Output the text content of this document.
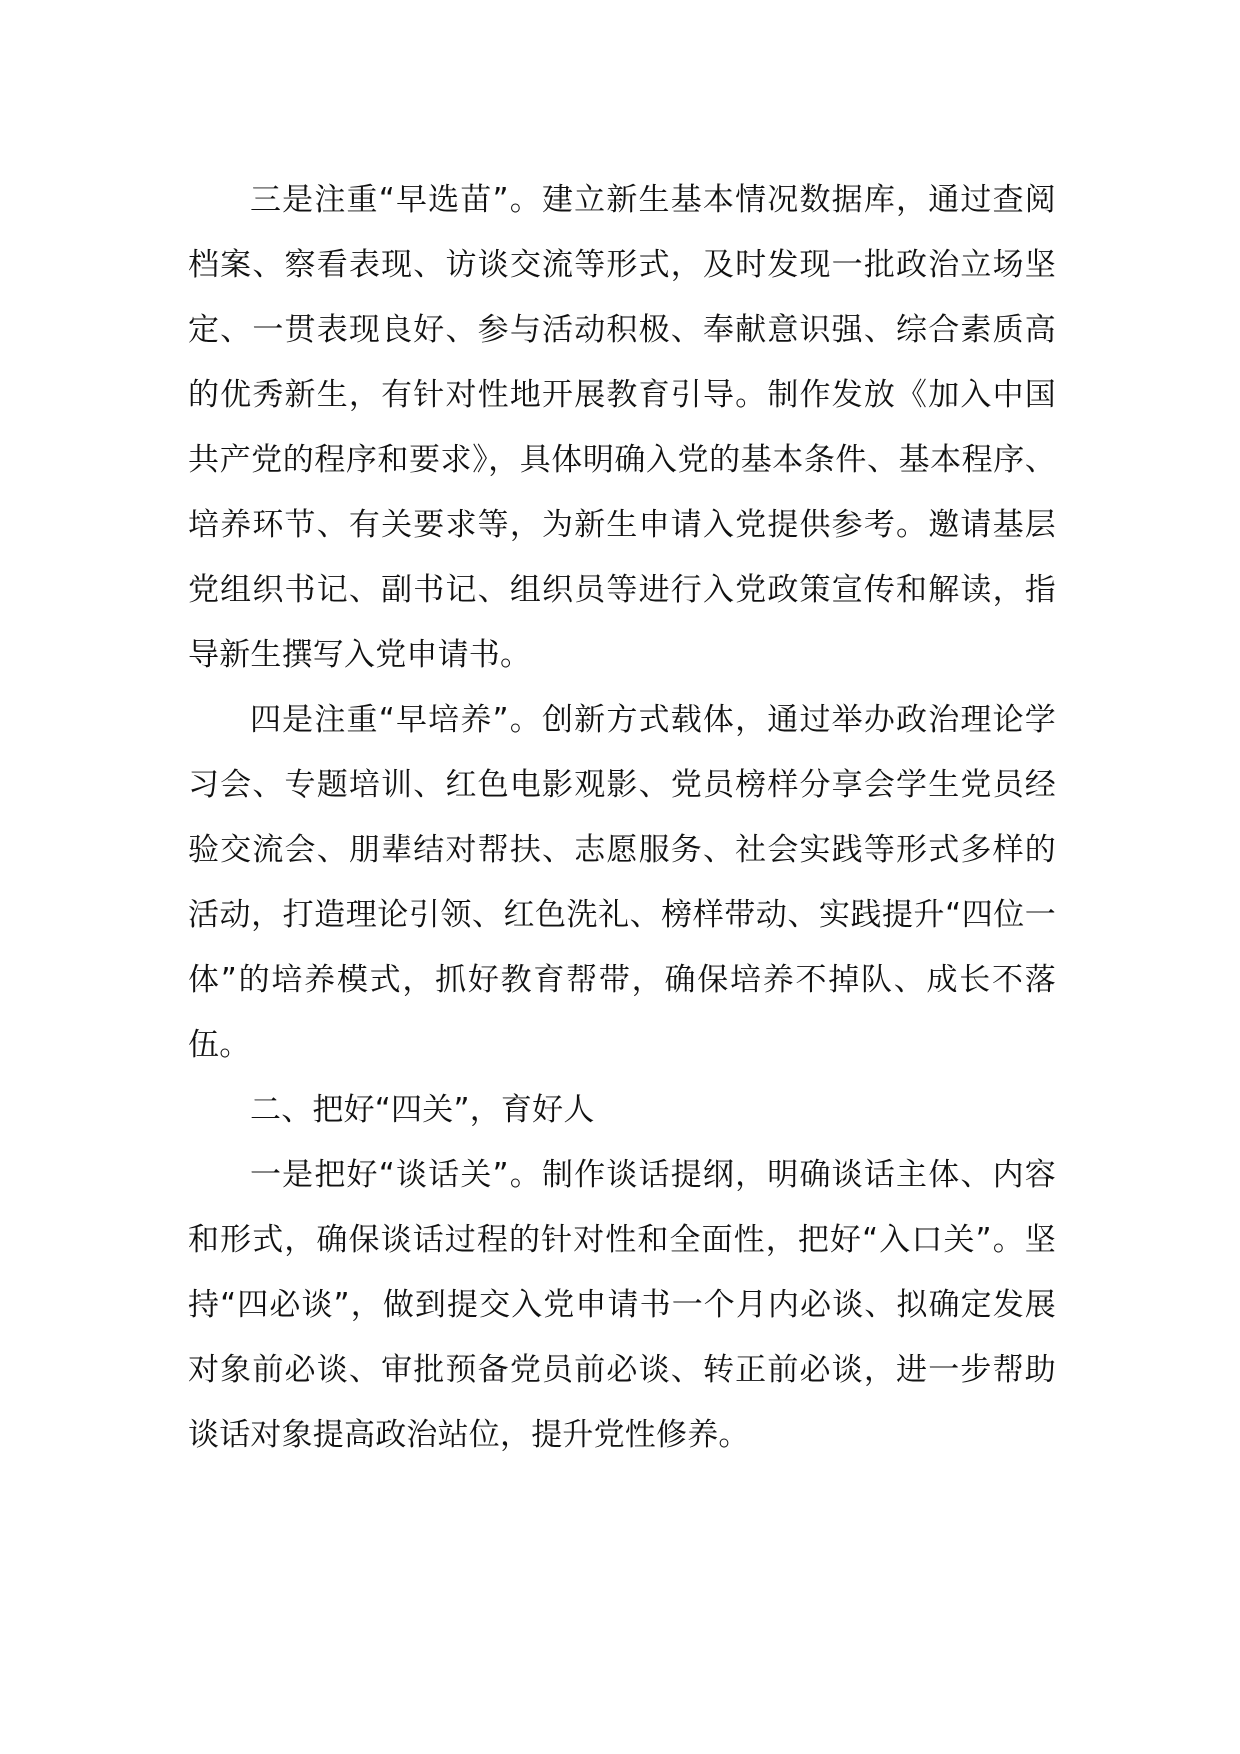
三是注重“早选苗”。建立新生基本情况数据库，通过查阅档案、察看表现、访谈交流等形式，及时发现一批政治立场坚定、一贯表现良好、参与活动积极、奉献意识强、综合素质高的优秀新生，有针对性地开展教育引导。制作发放《加入中国共产党的程序和要求》，具体明确入党的基本条件、基本程序、培养环节、有关要求等，为新生申请入党提供参考。邀请基层党组织书记、副书记、组织员等进行入党政策宣传和解读，指导新生撰写入党申请书。

四是注重“早培养”。创新方式载体，通过举办政治理论学习会、专题培训、红色电影观影、党员榜样分享会学生党员经验交流会、朋辈结对帮扶、志愿服务、社会实践等形式多样的活动，打造理论引领、红色洗礼、榜样带动、实践提升“四位一体”的培养模式，抓好教育帮带，确保培养不掉队、成长不落伍。

二、把好“四关”，育好人

一是把好“谈话关”。制作谈话提纲，明确谈话主体、内容和形式，确保谈话过程的针对性和全面性，把好“入口关”。坚持“四必谈”，做到提交入党申请书一个月内必谈、拟确定发展对象前必谈、审批预备党员前必谈、转正前必谈，进一步帮助谈话对象提高政治站位，提升党性修养。
